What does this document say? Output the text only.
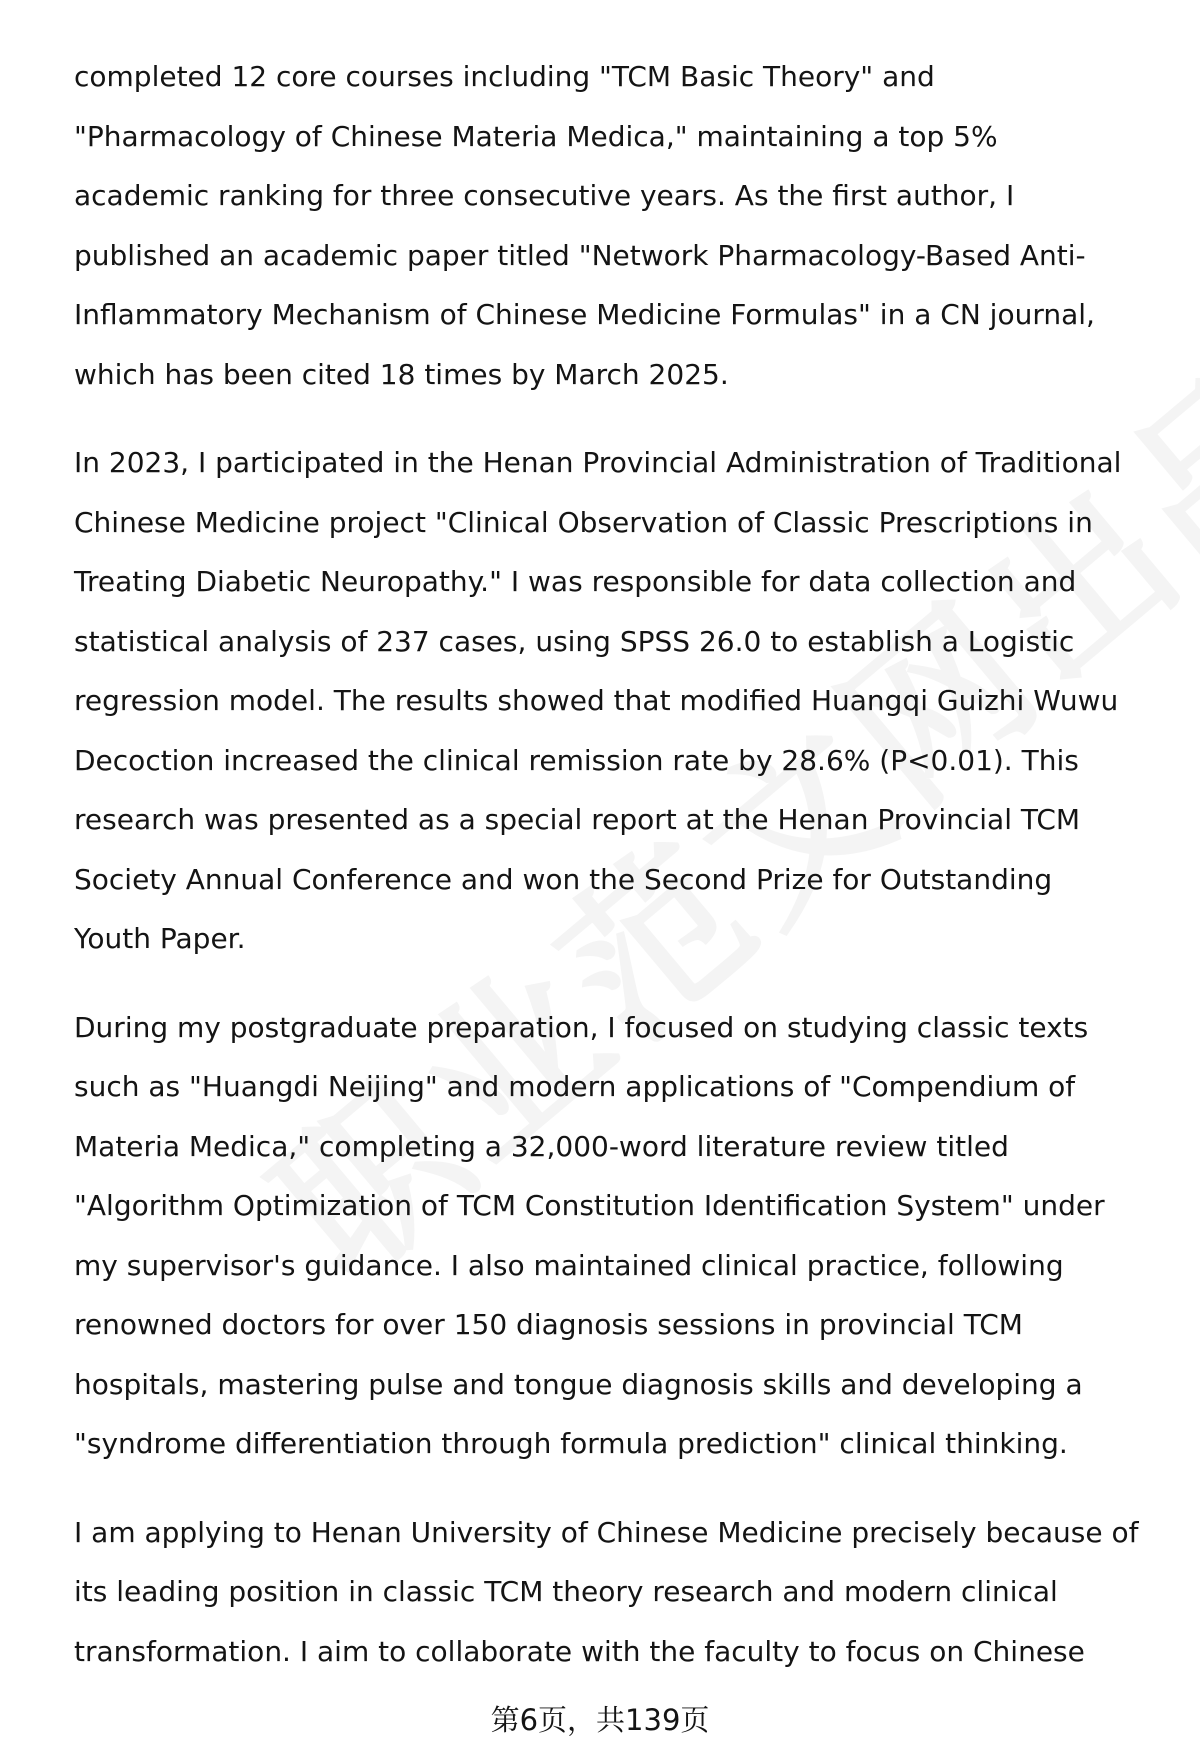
completed 12 core courses including "TCM Basic Theory" and
"Pharmacology of Chinese Materia Medica," maintaining a top 5%
academic ranking for three consecutive years. As the first author, I
published an academic paper titled "Network Pharmacology-Based Anti-
Inflammatory Mechanism of Chinese Medicine Formulas" in a CN journal,
which has been cited 18 times by March 2025.
In 2023, I participated in the Henan Provincial Administration of Traditional
Chinese Medicine project "Clinical Observation of Classic Prescriptions in
Treating Diabetic Neuropathy." I was responsible for data collection and
statistical analysis of 237 cases, using SPSS 26.0 to establish a Logistic
regression model. The results showed that modified Huangqi Guizhi Wuwu
Decoction increased the clinical remission rate by 28.6% (P<0.01). This
research was presented as a special report at the Henan Provincial TCM
Society Annual Conference and won the Second Prize for Outstanding
Youth Paper.
During my postgraduate preparation, I focused on studying classic texts
such as "Huangdi Neijing" and modern applications of "Compendium of
Materia Medica," completing a 32,000-word literature review titled
"Algorithm Optimization of TCM Constitution Identification System" under
my supervisor's guidance. I also maintained clinical practice, following
renowned doctors for over 150 diagnosis sessions in provincial TCM
hospitals, mastering pulse and tongue diagnosis skills and developing a
"syndrome differentiation through formula prediction" clinical thinking.
I am applying to Henan University of Chinese Medicine precisely because of
its leading position in classic TCM theory research and modern clinical
transformation. I aim to collaborate with the faculty to focus on Chinese
第6页，共139页
